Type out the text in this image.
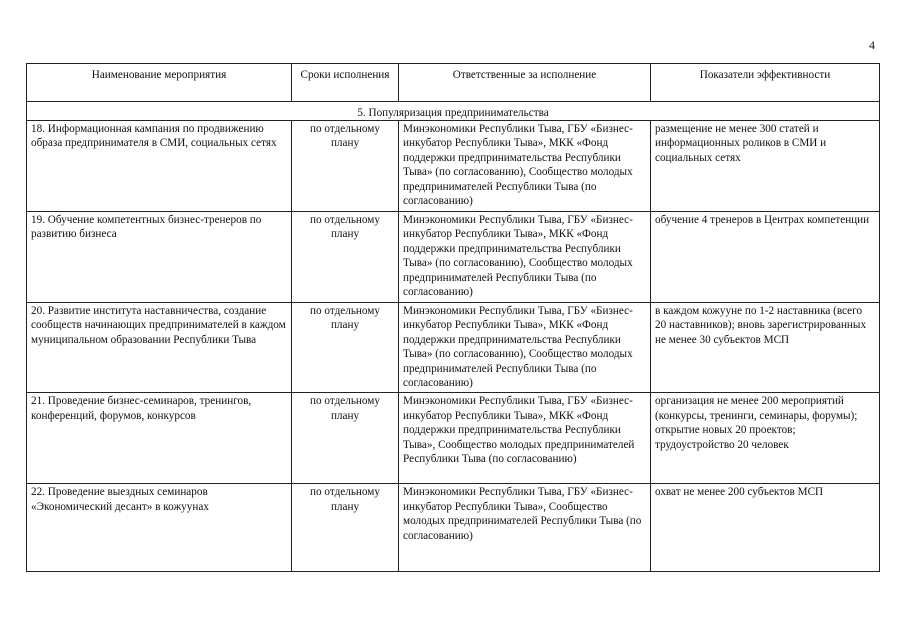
4
Наименование мероприятия	Сроки исполнения	Ответственные за исполнение	Показатели эффективности
5. Популяризация предпринимательства			
18. Информационная кампания по продвижению образа предпринимателя в СМИ, социальных сетях	по отдельному плану	Минэкономики Республики Тыва, ГБУ «Бизнес-инкубатор Республики Тыва», МКК «Фонд поддержки предпринимательства Республики Тыва» (по согласованию), Сообщество молодых предпринимателей Республики Тыва (по согласованию)	размещение не менее 300 статей и информационных роликов в СМИ и социальных сетях
19. Обучение компетентных бизнес-тренеров по развитию бизнеса	по отдельному плану	Минэкономики Республики Тыва, ГБУ «Бизнес-инкубатор Республики Тыва», МКК «Фонд поддержки предпринимательства Республики Тыва» (по согласованию), Сообщество молодых предпринимателей Республики Тыва (по согласованию)	обучение 4 тренеров в Центрах компетенции
20. Развитие института наставничества, создание сообществ начинающих предпринимателей в каждом муниципальном образовании Республики Тыва	по отдельному плану	Минэкономики Республики Тыва, ГБУ «Бизнес-инкубатор Республики Тыва», МКК «Фонд поддержки предпринимательства Республики Тыва» (по согласованию), Сообщество молодых предпринимателей Республики Тыва (по согласованию)	в каждом кожууне по 1-2 наставника (всего 20 наставников); вновь зарегистрированных не менее 30 субъектов МСП
21. Проведение бизнес-семинаров, тренингов, конференций, форумов, конкурсов	по отдельному плану	Минэкономики Республики Тыва, ГБУ «Бизнес-инкубатор Республики Тыва», МКК «Фонд поддержки предпринимательства Республики Тыва», Сообщество молодых предпринимателей Республики Тыва (по согласованию)	организация не менее 200 мероприятий (конкурсы, тренинги, семинары, форумы); открытие новых 20 проектов; трудоустройство 20 человек
22. Проведение выездных семинаров «Экономический десант» в кожуунах	по отдельному плану	Минэкономики Республики Тыва, ГБУ «Бизнес-инкубатор Республики Тыва», Сообщество молодых предпринимателей Республики Тыва (по согласованию)	охват не менее 200 субъектов МСП
